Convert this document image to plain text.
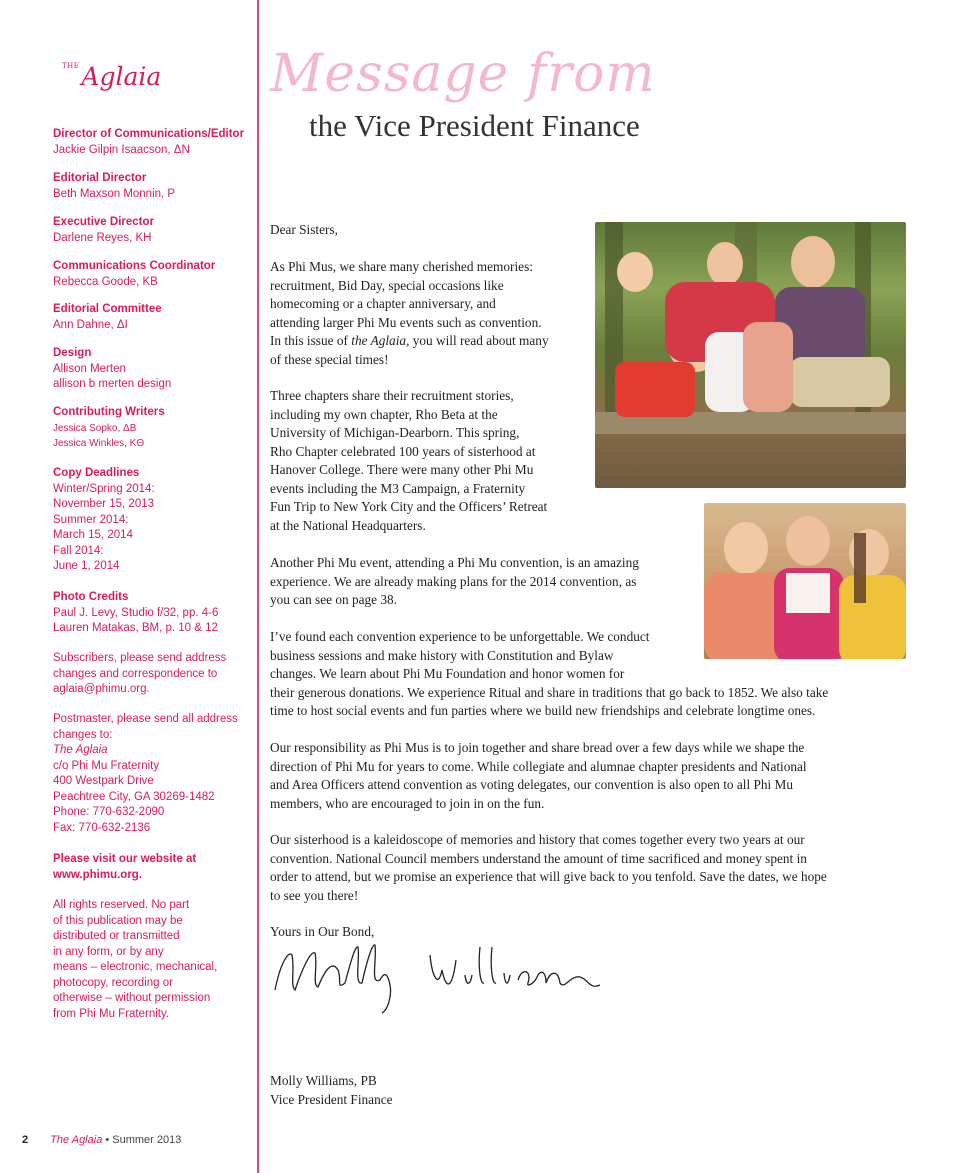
$^{THE}$Aglaia
Director of Communications/Editor
Jackie Gilpin Isaacson, ΔN
Editorial Director
Beth Maxson Monnin, P
Executive Director
Darlene Reyes, KH
Communications Coordinator
Rebecca Goode, KB
Editorial Committee
Ann Dahne, ΔI
Design
Allison Merten
allison b merten design
Contributing Writers
Jessica Sopko, ΔB
Jessica Winkles, KΘ
Copy Deadlines
Winter/Spring 2014:
November 15, 2013
Summer 2014:
March 15, 2014
Fall 2014:
June 1, 2014
Photo Credits
Paul J. Levy, Studio f/32, pp. 4-6
Lauren Matakas, BM, p. 10 & 12
Subscribers, please send address
changes and correspondence to
aglaia@phimu.org.
Postmaster, please send all address
changes to:
The Aglaia
c/o Phi Mu Fraternity
400 Westpark Drive
Peachtree City, GA 30269-1482
Phone: 770-632-2090
Fax: 770-632-2136
Please visit our website at
www.phimu.org.
All rights reserved. No part
of this publication may be
distributed or transmitted
in any form, or by any
means – electronic, mechanical,
photocopy, recording or
otherwise – without permission
from Phi Mu Fraternity.
Message from
the Vice President Finance

Dear Sisters,

As Phi Mus, we share many cherished memories:

recruitment, Bid Day, special occasions like

homecoming or a chapter anniversary, and

attending larger Phi Mu events such as convention.

In this issue of the Aglaia, you will read about many

of these special times!

Three chapters share their recruitment stories,

including my own chapter, Rho Beta at the

University of Michigan-Dearborn. This spring,

Rho Chapter celebrated 100 years of sisterhood at

Hanover College. There were many other Phi Mu

events including the M3 Campaign, a Fraternity

Fun Trip to New York City and the Officers’ Retreat

at the National Headquarters.

Another Phi Mu event, attending a Phi Mu convention, is an amazing

experience. We are already making plans for the 2014 convention, as

you can see on page 38.

I’ve found each convention experience to be unforgettable. We conduct

business sessions and make history with Constitution and Bylaw

changes. We learn about Phi Mu Foundation and honor women for

their generous donations. We experience Ritual and share in traditions that go back to 1852. We also take

time to host social events and fun parties where we build new friendships and celebrate longtime ones.

Our responsibility as Phi Mus is to join together and share bread over a few days while we shape the

direction of Phi Mu for years to come. While collegiate and alumnae chapter presidents and National

and Area Officers attend convention as voting delegates, our convention is also open to all Phi Mu

members, who are encouraged to join in on the fun.

Our sisterhood is a kaleidoscope of memories and history that comes together every two years at our

convention. National Council members understand the amount of time sacrificed and money spent in

order to attend, but we promise an experience that will give back to you tenfold. Save the dates, we hope

to see you there!

Yours in Our Bond,

Molly Williams, PB

Vice President Finance

2 The Aglaia • Summer 2013
